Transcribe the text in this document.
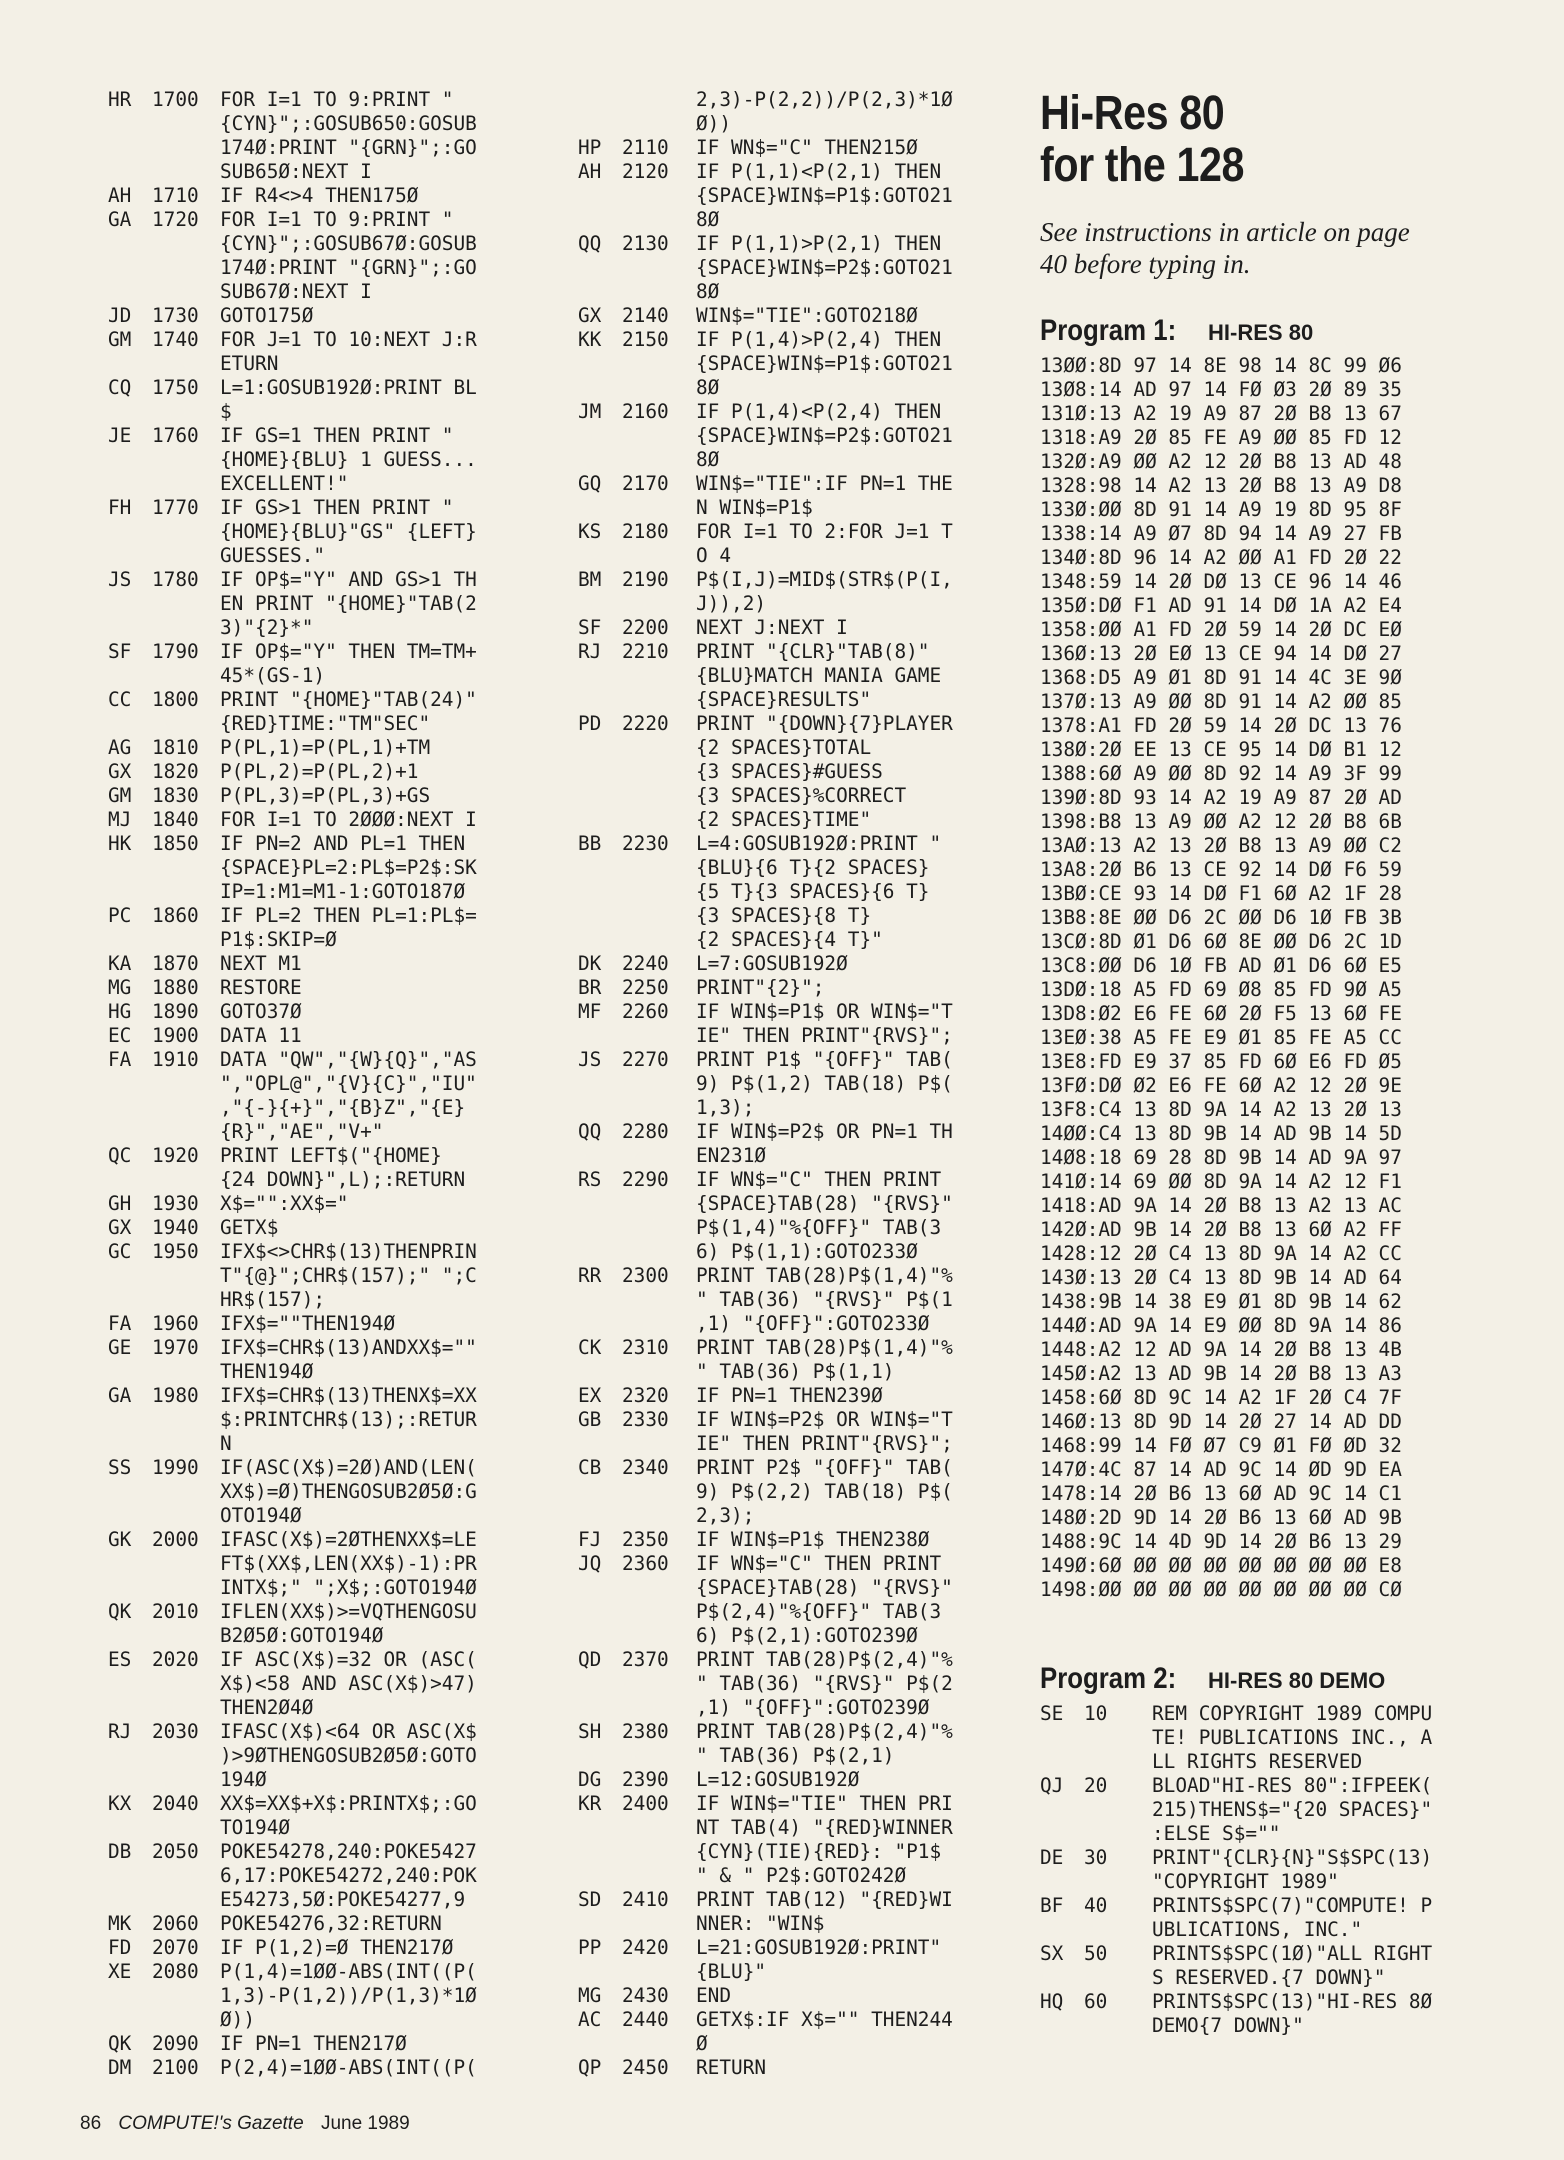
HR	1700	FOR I=1 TO 9:PRINT "
{CYN}";:GOSUB650:GOSUB
174Ø:PRINT "{GRN}";:GO
SUB65Ø:NEXT I
AH	1710	IF R4<>4 THEN175Ø
GA	1720	FOR I=1 TO 9:PRINT "
{CYN}";:GOSUB67Ø:GOSUB
174Ø:PRINT "{GRN}";:GO
SUB67Ø:NEXT I
JD	1730	GOTO175Ø
GM	1740	FOR J=1 TO 10:NEXT J:R
ETURN
CQ	1750	L=1:GOSUB192Ø:PRINT BL
$
JE	1760	IF GS=1 THEN PRINT "
{HOME}{BLU} 1 GUESS...
EXCELLENT!"
FH	1770	IF GS>1 THEN PRINT "
{HOME}{BLU}"GS" {LEFT}
GUESSES."
JS	1780	IF OP$="Y" AND GS>1 TH
EN PRINT "{HOME}"TAB(2
3)"{2}*"
SF	1790	IF OP$="Y" THEN TM=TM+
45*(GS-1)
CC	1800	PRINT "{HOME}"TAB(24)"
{RED}TIME:"TM"SEC"
AG	1810	P(PL,1)=P(PL,1)+TM
GX	1820	P(PL,2)=P(PL,2)+1
GM	1830	P(PL,3)=P(PL,3)+GS
MJ	1840	FOR I=1 TO 2ØØØ:NEXT I
HK	1850	IF PN=2 AND PL=1 THEN
{SPACE}PL=2:PL$=P2$:SK
IP=1:M1=M1-1:GOTO187Ø
PC	1860	IF PL=2 THEN PL=1:PL$=
P1$:SKIP=Ø
KA	1870	NEXT M1
MG	1880	RESTORE
HG	1890	GOTO37Ø
EC	1900	DATA 11
FA	1910	DATA "QW","{W}{Q}","AS
","OPL@","{V}{C}","IU"
,"{-}{+}","{B}Z","{E}
{R}","AE","V+"
QC	1920	PRINT LEFT$("{HOME}
{24 DOWN}",L);:RETURN
GH	1930	X$="":XX$="
GX	1940	GETX$
GC	1950	IFX$<>CHR$(13)THENPRIN
T"{@}";CHR$(157);" ";C
HR$(157);
FA	1960	IFX$=""THEN194Ø
GE	1970	IFX$=CHR$(13)ANDXX$=""
THEN194Ø
GA	1980	IFX$=CHR$(13)THENX$=XX
$:PRINTCHR$(13);:RETUR
N
SS	1990	IF(ASC(X$)=2Ø)AND(LEN(
XX$)=Ø)THENGOSUB2Ø5Ø:G
OTO194Ø
GK	2000	IFASC(X$)=2ØTHENXX$=LE
FT$(XX$,LEN(XX$)-1):PR
INTX$;" ";X$;:GOTO194Ø
QK	2010	IFLEN(XX$)>=VQTHENGOSU
B2Ø5Ø:GOTO194Ø
ES	2020	IF ASC(X$)=32 OR (ASC(
X$)<58 AND ASC(X$)>47)
THEN2Ø4Ø
RJ	2030	IFASC(X$)<64 OR ASC(X$
)>9ØTHENGOSUB2Ø5Ø:GOTO
194Ø
KX	2040	XX$=XX$+X$:PRINTX$;:GO
TO194Ø
DB	2050	POKE54278,240:POKE5427
6,17:POKE54272,240:POK
E54273,5Ø:POKE54277,9
MK	2060	POKE54276,32:RETURN
FD	2070	IF P(1,2)=Ø THEN217Ø
XE	2080	P(1,4)=1ØØ-ABS(INT((P(
1,3)-P(1,2))/P(1,3)*1Ø
Ø))
QK	2090	IF PN=1 THEN217Ø
DM	2100	P(2,4)=1ØØ-ABS(INT((P(
2,3)-P(2,2))/P(2,3)*1Ø
Ø))
HP	2110	IF WN$="C" THEN215Ø
AH	2120	IF P(1,1)<P(2,1) THEN
{SPACE}WIN$=P1$:GOTO21
8Ø
QQ	2130	IF P(1,1)>P(2,1) THEN
{SPACE}WIN$=P2$:GOTO21
8Ø
GX	2140	WIN$="TIE":GOTO218Ø
KK	2150	IF P(1,4)>P(2,4) THEN
{SPACE}WIN$=P1$:GOTO21
8Ø
JM	2160	IF P(1,4)<P(2,4) THEN
{SPACE}WIN$=P2$:GOTO21
8Ø
GQ	2170	WIN$="TIE":IF PN=1 THE
N WIN$=P1$
KS	2180	FOR I=1 TO 2:FOR J=1 T
O 4
BM	2190	P$(I,J)=MID$(STR$(P(I,
J)),2)
SF	2200	NEXT J:NEXT I
RJ	2210	PRINT "{CLR}"TAB(8)"
{BLU}MATCH MANIA GAME
{SPACE}RESULTS"
PD	2220	PRINT "{DOWN}{7}PLAYER
{2 SPACES}TOTAL
{3 SPACES}#GUESS
{3 SPACES}%CORRECT
{2 SPACES}TIME"
BB	2230	L=4:GOSUB192Ø:PRINT "
{BLU}{6 T}{2 SPACES}
{5 T}{3 SPACES}{6 T}
{3 SPACES}{8 T}
{2 SPACES}{4 T}"
DK	2240	L=7:GOSUB192Ø
BR	2250	PRINT"{2}";
MF	2260	IF WIN$=P1$ OR WIN$="T
IE" THEN PRINT"{RVS}";
JS	2270	PRINT P1$ "{OFF}" TAB(
9) P$(1,2) TAB(18) P$(
1,3);
QQ	2280	IF WIN$=P2$ OR PN=1 TH
EN231Ø
RS	2290	IF WN$="C" THEN PRINT
{SPACE}TAB(28) "{RVS}"
P$(1,4)"%{OFF}" TAB(3
6) P$(1,1):GOTO233Ø
RR	2300	PRINT TAB(28)P$(1,4)"%
" TAB(36) "{RVS}" P$(1
,1) "{OFF}":GOTO233Ø
CK	2310	PRINT TAB(28)P$(1,4)"%
" TAB(36) P$(1,1)
EX	2320	IF PN=1 THEN239Ø
GB	2330	IF WIN$=P2$ OR WIN$="T
IE" THEN PRINT"{RVS}";
CB	2340	PRINT P2$ "{OFF}" TAB(
9) P$(2,2) TAB(18) P$(
2,3);
FJ	2350	IF WIN$=P1$ THEN238Ø
JQ	2360	IF WN$="C" THEN PRINT
{SPACE}TAB(28) "{RVS}"
P$(2,4)"%{OFF}" TAB(3
6) P$(2,1):GOTO239Ø
QD	2370	PRINT TAB(28)P$(2,4)"%
" TAB(36) "{RVS}" P$(2
,1) "{OFF}":GOTO239Ø
SH	2380	PRINT TAB(28)P$(2,4)"%
" TAB(36) P$(2,1)
DG	2390	L=12:GOSUB192Ø
KR	2400	IF WIN$="TIE" THEN PRI
NT TAB(4) "{RED}WINNER
{CYN}(TIE){RED}: "P1$
" & " P2$:GOTO242Ø
SD	2410	PRINT TAB(12) "{RED}WI
NNER: "WIN$
PP	2420	L=21:GOSUB192Ø:PRINT"
{BLU}"
MG	2430	END
AC	2440	GETX$:IF X$="" THEN244
Ø
QP	2450	RETURN
Hi-Res 80
for the 128
See instructions in article on page 40 before typing in.
Program 1: HI-RES 80
13ØØ:8D 97 14 8E 98 14 8C 99 Ø6
13Ø8:14 AD 97 14 FØ Ø3 2Ø 89 35
131Ø:13 A2 19 A9 87 2Ø B8 13 67
1318:A9 2Ø 85 FE A9 ØØ 85 FD 12
132Ø:A9 ØØ A2 12 2Ø B8 13 AD 48
1328:98 14 A2 13 2Ø B8 13 A9 D8
133Ø:ØØ 8D 91 14 A9 19 8D 95 8F
1338:14 A9 Ø7 8D 94 14 A9 27 FB
134Ø:8D 96 14 A2 ØØ A1 FD 2Ø 22
1348:59 14 2Ø DØ 13 CE 96 14 46
135Ø:DØ F1 AD 91 14 DØ 1A A2 E4
1358:ØØ A1 FD 2Ø 59 14 2Ø DC EØ
136Ø:13 2Ø EØ 13 CE 94 14 DØ 27
1368:D5 A9 Ø1 8D 91 14 4C 3E 9Ø
137Ø:13 A9 ØØ 8D 91 14 A2 ØØ 85
1378:A1 FD 2Ø 59 14 2Ø DC 13 76
138Ø:2Ø EE 13 CE 95 14 DØ B1 12
1388:6Ø A9 ØØ 8D 92 14 A9 3F 99
139Ø:8D 93 14 A2 19 A9 87 2Ø AD
1398:B8 13 A9 ØØ A2 12 2Ø B8 6B
13AØ:13 A2 13 2Ø B8 13 A9 ØØ C2
13A8:2Ø B6 13 CE 92 14 DØ F6 59
13BØ:CE 93 14 DØ F1 6Ø A2 1F 28
13B8:8E ØØ D6 2C ØØ D6 1Ø FB 3B
13CØ:8D Ø1 D6 6Ø 8E ØØ D6 2C 1D
13C8:ØØ D6 1Ø FB AD Ø1 D6 6Ø E5
13DØ:18 A5 FD 69 Ø8 85 FD 9Ø A5
13D8:Ø2 E6 FE 6Ø 2Ø F5 13 6Ø FE
13EØ:38 A5 FE E9 Ø1 85 FE A5 CC
13E8:FD E9 37 85 FD 6Ø E6 FD Ø5
13FØ:DØ Ø2 E6 FE 6Ø A2 12 2Ø 9E
13F8:C4 13 8D 9A 14 A2 13 2Ø 13
14ØØ:C4 13 8D 9B 14 AD 9B 14 5D
14Ø8:18 69 28 8D 9B 14 AD 9A 97
141Ø:14 69 ØØ 8D 9A 14 A2 12 F1
1418:AD 9A 14 2Ø B8 13 A2 13 AC
142Ø:AD 9B 14 2Ø B8 13 6Ø A2 FF
1428:12 2Ø C4 13 8D 9A 14 A2 CC
143Ø:13 2Ø C4 13 8D 9B 14 AD 64
1438:9B 14 38 E9 Ø1 8D 9B 14 62
144Ø:AD 9A 14 E9 ØØ 8D 9A 14 86
1448:A2 12 AD 9A 14 2Ø B8 13 4B
145Ø:A2 13 AD 9B 14 2Ø B8 13 A3
1458:6Ø 8D 9C 14 A2 1F 2Ø C4 7F
146Ø:13 8D 9D 14 2Ø 27 14 AD DD
1468:99 14 FØ Ø7 C9 Ø1 FØ ØD 32
147Ø:4C 87 14 AD 9C 14 ØD 9D EA
1478:14 2Ø B6 13 6Ø AD 9C 14 C1
148Ø:2D 9D 14 2Ø B6 13 6Ø AD 9B
1488:9C 14 4D 9D 14 2Ø B6 13 29
149Ø:6Ø ØØ ØØ ØØ ØØ ØØ ØØ ØØ E8
1498:ØØ ØØ ØØ ØØ ØØ ØØ ØØ ØØ CØ
Program 2: HI-RES 80 DEMO
SE	10	REM COPYRIGHT 1989 COMPU
TE! PUBLICATIONS INC., A
LL RIGHTS RESERVED
QJ	20	BLOAD"HI-RES 80":IFPEEK(
215)THENS$="{20 SPACES}"
:ELSE S$=""
DE	30	PRINT"{CLR}{N}"S$SPC(13)
"COPYRIGHT 1989"
BF	40	PRINTS$SPC(7)"COMPUTE! P
UBLICATIONS, INC."
SX	50	PRINTS$SPC(1Ø)"ALL RIGHT
S RESERVED.{7 DOWN}"
HQ	60	PRINTS$SPC(13)"HI-RES 8Ø
DEMO{7 DOWN}"
86 COMPUTE!'s Gazette June 1989
